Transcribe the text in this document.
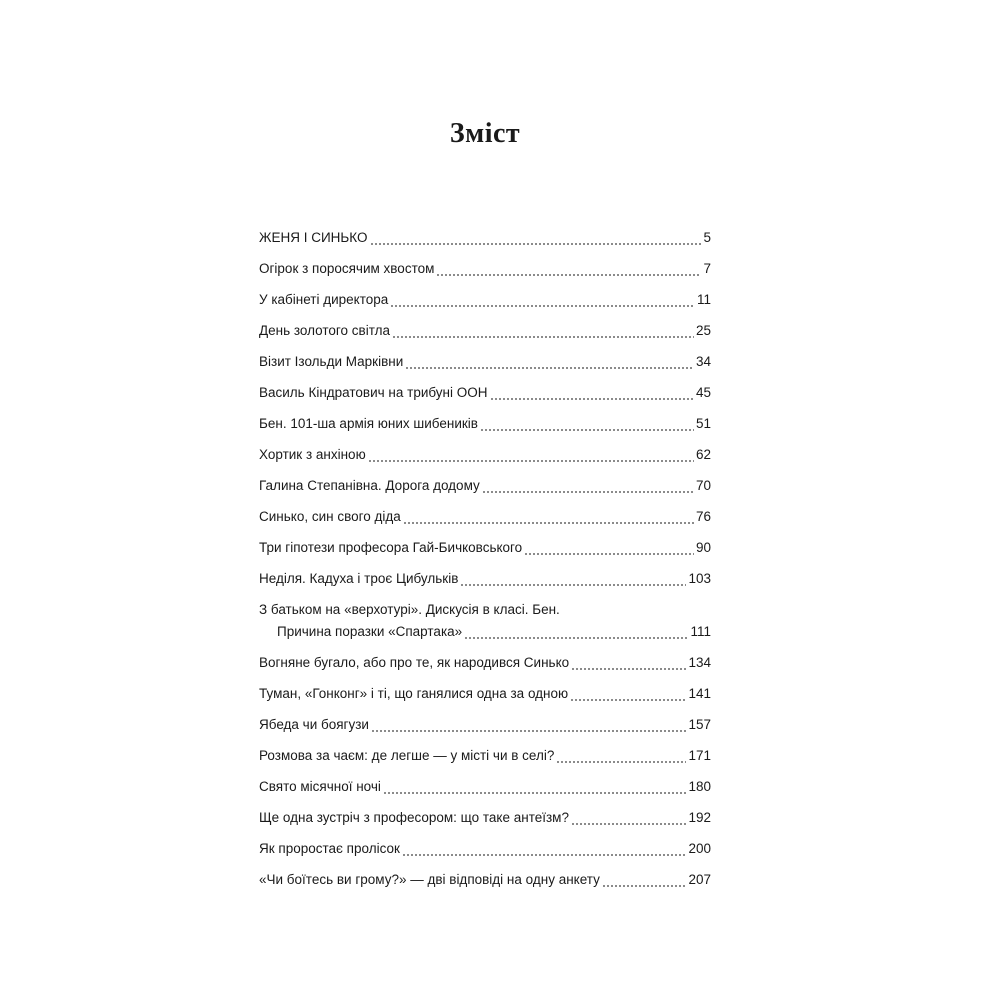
Зміст
ЖЕНЯ І СИНЬКО	5
Огірок з поросячим хвостом	7
У кабінеті директора	11
День золотого світла	25
Візит Ізольди Марківни	34
Василь Кіндратович на трибуні ООН	45
Бен. 101-ша армія юних шибеників	51
Хортик з анхіною	62
Галина Степанівна. Дорога додому	70
Синько, син свого діда	76
Три гіпотези професора Гай-Бичковського	90
Неділя. Кадуха і троє Цибульків	103
З батьком на «верхотурі». Дискусія в класі. Бен.
Причина поразки «Спартака»	111
Вогняне бугало, або про те, як народився Синько	134
Туман, «Гонконг» і ті, що ганялися одна за одною	141
Ябеда чи боягузи	157
Розмова за чаєм: де легше — у місті чи в селі?	171
Свято місячної ночі	180
Ще одна зустріч з професором: що таке антеїзм?	192
Як проростає пролісок	200
«Чи боїтесь ви грому?» — дві відповіді на одну анкету	207
